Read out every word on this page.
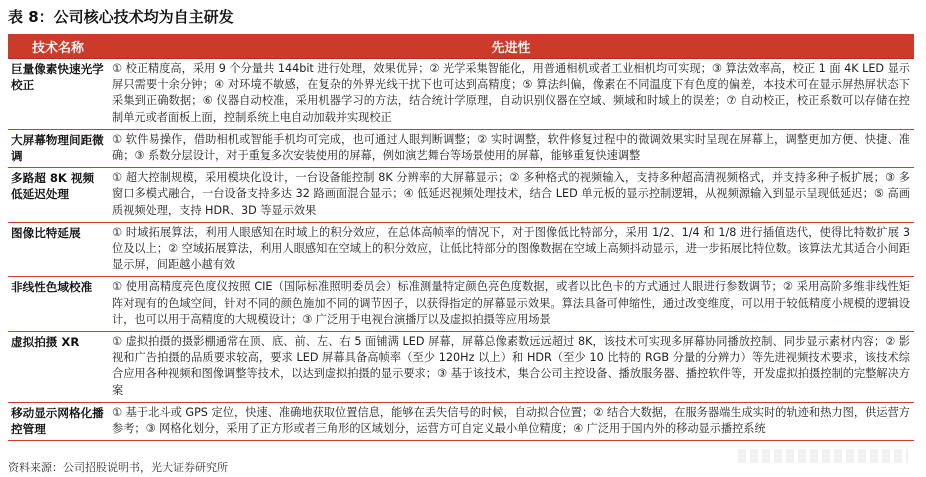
表 8：公司核心技术均为自主研发
技术名称	先进性
巨量像素快速光学校正	① 校正精度高，采用 9 个分量共 144bit 进行处理，效果优异；② 光学采集智能化，用普通相机或者工业相机均可实现；③ 算法效率高，校正 1 面 4K LED 显示屏只需要十余分钟；④ 对环境不敏感，在复杂的外界光线干扰下也可达到高精度；⑤ 算法纠偏，像素在不同温度下有色度的偏差，本技术可在显示屏热屏状态下采集到正确数据；⑥ 仪器自动校准，采用机器学习的方法，结合统计学原理，自动识别仪器在空域、频域和时域上的误差；⑦ 自动校正，校正系数可以存储在控制单元或者面板上面，控制系统上电自动加载并实现校正
大屏幕物理间距微调	① 软件易操作，借助相机或智能手机均可完成，也可通过人眼判断调整；② 实时调整，软件修复过程中的微调效果实时呈现在屏幕上，调整更加方便、快捷、准确；③ 系数分层设计，对于重复多次安装使用的屏幕，例如演艺舞台等场景使用的屏幕，能够重复快速调整
多路超 8K 视频低延迟处理	① 超大控制规模，采用模块化设计，一台设备能控制 8K 分辨率的大屏幕显示；② 多种格式的视频输入，支持多种超高清视频格式，并支持多种子板扩展；③ 多窗口多模式融合，一台设备支持多达 32 路画面混合显示；④ 低延迟视频处理技术，结合 LED 单元板的显示控制逻辑，从视频源输入到显示呈现低延迟；⑤ 高画质视频处理，支持 HDR、3D 等显示效果
图像比特延展	① 时域拓展算法，利用人眼感知在时域上的积分效应，在总体高帧率的情况下，对于图像低比特部分，采用 1/2、1/4 和 1/8 进行插值迭代，使得比特数扩展 3 位及以上；② 空域拓展算法，利用人眼感知在空域上的积分效应，让低比特部分的图像数据在空域上高频抖动显示，进一步拓展比特位数。该算法尤其适合小间距显示屏，间距越小越有效
非线性色域校准	① 使用高精度亮色度仪按照 CIE（国际标准照明委员会）标准测量特定颜色亮色度数据，或者以比色卡的方式通过人眼进行参数调节；② 采用高阶多维非线性矩阵对现有的色域空间，针对不同的颜色施加不同的调节因子，以获得指定的屏幕显示效果。算法具备可伸缩性，通过改变维度，可以用于较低精度小规模的逻辑设计，也可以用于高精度的大规模设计；③ 广泛用于电视台演播厅以及虚拟拍摄等应用场景
虚拟拍摄 XR	① 虚拟拍摄的摄影棚通常在顶、底、前、左、右 5 面铺满 LED 屏幕，屏幕总像素数远远超过 8K，该技术可实现多屏幕协同播放控制、同步显示素材内容；② 影视和广告拍摄的品质要求较高，要求 LED 屏幕具备高帧率（至少 120Hz 以上）和 HDR（至少 10 比特的 RGB 分量的分辨力）等先进视频技术要求，该技术综合应用各种视频和图像调整等技术，以达到虚拟拍摄的显示要求；③ 基于该技术，集合公司主控设备、播放服务器、播控软件等，开发虚拟拍摄控制的完整解决方案
移动显示网格化播控管理	① 基于北斗或 GPS 定位，快速、准确地获取位置信息，能够在丢失信号的时候，自动拟合位置；② 结合大数据，在服务器端生成实时的轨迹和热力图，供运营方参考；③ 网格化划分，采用了正方形或者三角形的区域划分，运营方可自定义最小单位精度；④ 广泛用于国内外的移动显示播控系统
资料来源：公司招股说明书，光大证券研究所
